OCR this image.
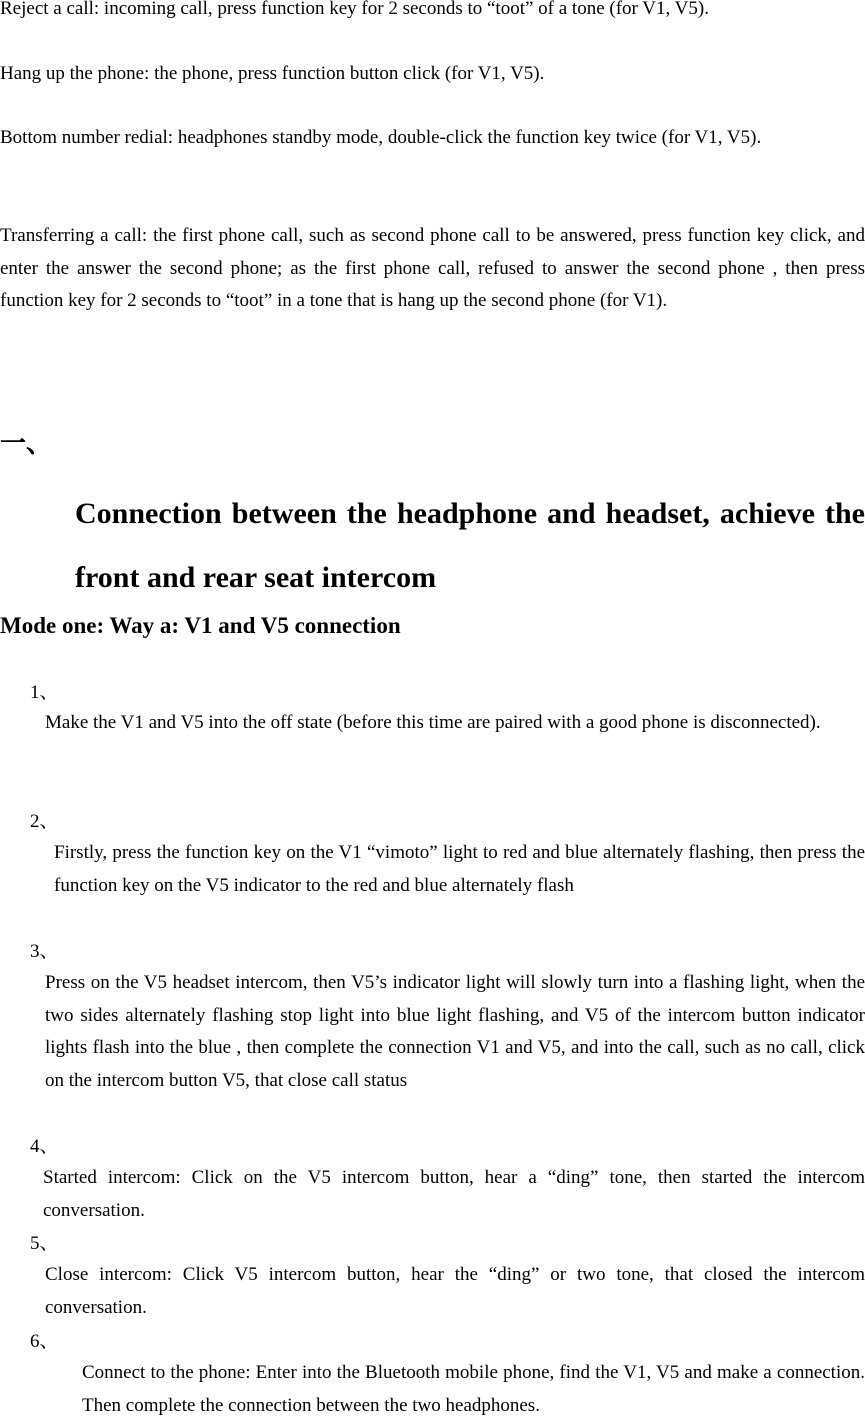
Reject a call: incoming call, press function key for 2 seconds to “toot” of a tone (for V1, V5).

Hang up the phone: the phone, press function button click (for V1, V5).

Bottom number redial: headphones standby mode, double-click the function key twice (for V1, V5).

Transferring a call: the first phone call, such as second phone call to be answered, press function key click, and enter the answer the second phone; as the first phone call, refused to answer the second phone , then press function key for 2 seconds to “toot” in a tone that is hang up the second phone (for V1).

一、
Connection between the headphone and headset, achieve the front and rear seat intercom
Mode one: Way a: V1 and V5 connection
1、

Make the V1 and V5 into the off state (before this time are paired with a good phone is disconnected).

2、

Firstly, press the function key on the V1 “vimoto” light to red and blue alternately flashing, then press the function key on the V5 indicator to the red and blue alternately flash

3、

Press on the V5 headset intercom, then V5’s indicator light will slowly turn into a flashing light, when the two sides alternately flashing stop light into blue light flashing, and V5 of the intercom button indicator lights flash into the blue , then complete the connection V1 and V5, and into the call, such as no call, click on the intercom button V5, that close call status

4、

Started intercom: Click on the V5 intercom button, hear a “ding” tone, then started the intercom conversation.

5、

Close intercom: Click V5 intercom button, hear the “ding” or two tone, that closed the intercom conversation.

6、

Connect to the phone: Enter into the Bluetooth mobile phone, find the V1, V5 and make a connection. Then complete the connection between the two headphones.
